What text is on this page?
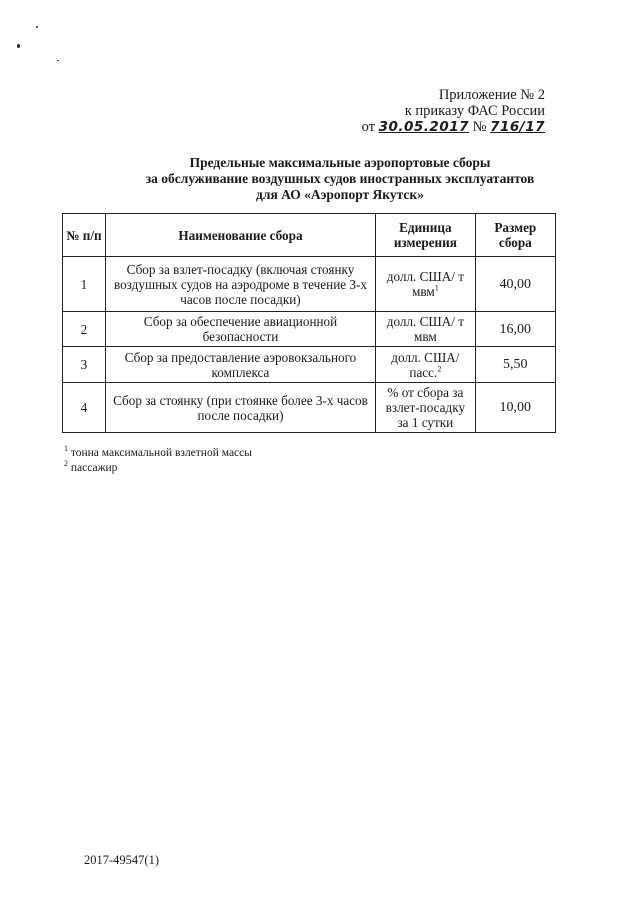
Приложение № 2
к приказу ФАС России
от 30.05.2017 № 716/17
Предельные максимальные аэропортовые сборы
за обслуживание воздушных судов иностранных эксплуатантов
для АО «Аэропорт Якутск»
№ п/п	Наименование сбора	Единица измерения	Размер сбора
1	Сбор за взлет-посадку (включая стоянку воздушных судов на аэродроме в течение 3-х часов после посадки)	долл. США/ т мвм$^1$	40,00
2	Сбор за обеспечение авиационной безопасности	долл. США/ т мвм	16,00
3	Сбор за предоставление аэровокзального комплекса	долл. США/ пасс.$^2$	5,50
4	Сбор за стоянку (при стоянке более 3-х часов после посадки)	% от сбора за взлет-посадку за 1 сутки	10,00
$^1$ тонна максимальной взлетной массы
$^2$ пассажир
2017-49547(1)
